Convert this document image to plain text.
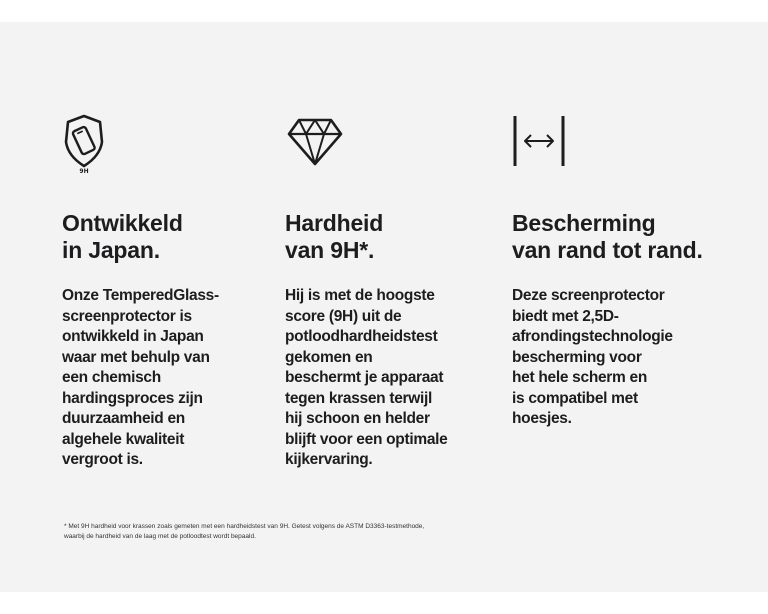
9H
Ontwikkeld
in Japan.

Onze TemperedGlass-
screenprotector is
ontwikkeld in Japan
waar met behulp van
een chemisch
hardingsproces zijn
duurzaamheid en
algehele kwaliteit
vergroot is.

Hardheid
van 9H*.

Hij is met de hoogste
score (9H) uit de
potloodhardheidstest
gekomen en
beschermt je apparaat
tegen krassen terwijl
hij schoon en helder
blijft voor een optimale
kijkervaring.

Bescherming
van rand tot rand.

Deze screenprotector
biedt met 2,5D-
afrondingstechnologie
bescherming voor
het hele scherm en
is compatibel met
hoesjes.

* Met 9H hardheid voor krassen zoals gemeten met een hardheidstest van 9H. Getest volgens de ASTM D3363-testmethode,
waarbij de hardheid van de laag met de potloodtest wordt bepaald.
